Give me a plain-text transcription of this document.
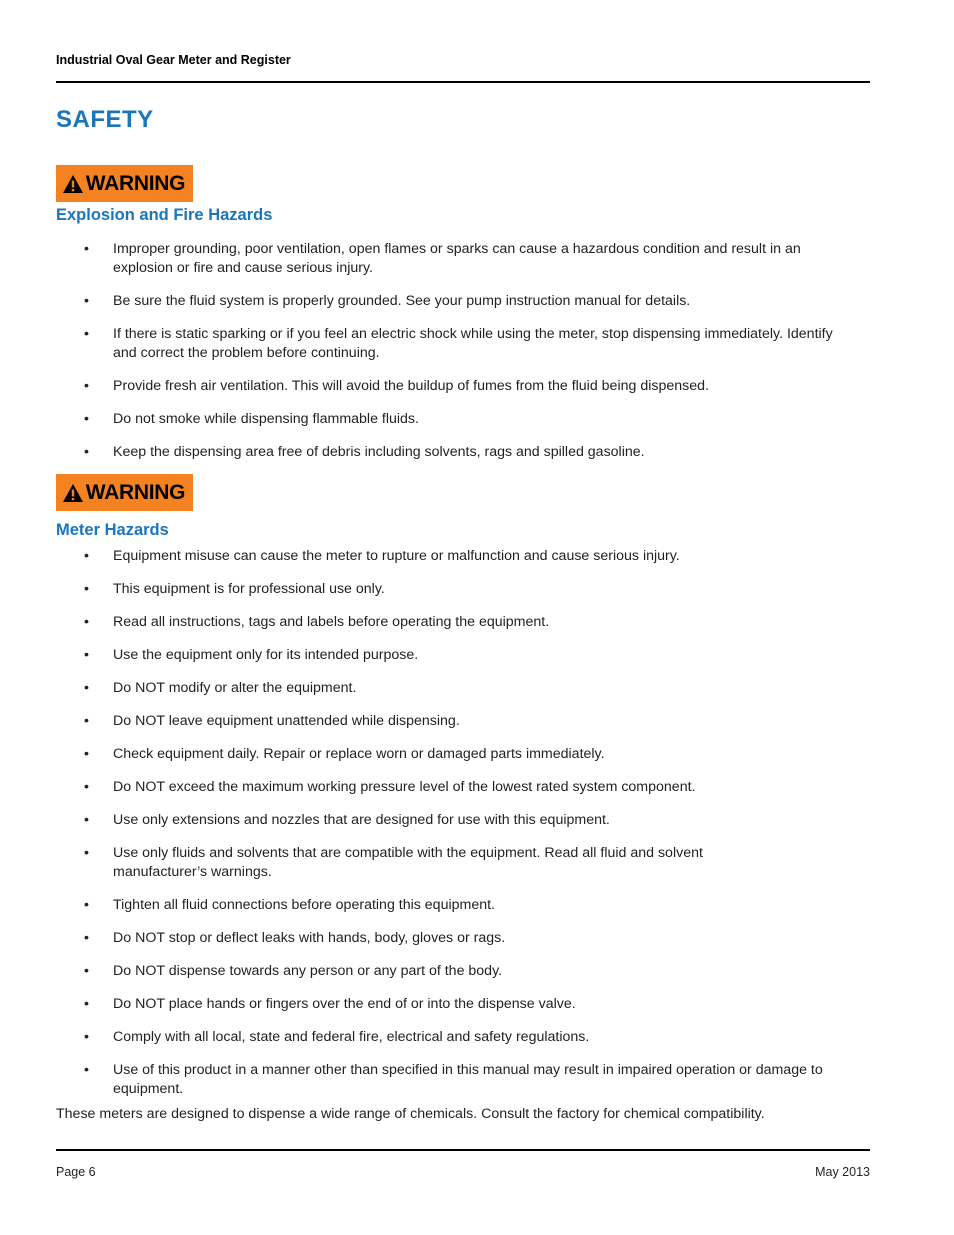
Industrial Oval Gear Meter and Register
SAFETY
WARNING
Explosion and Fire Hazards
• Improper grounding, poor ventilation, open flames or sparks can cause a hazardous condition and result in an explosion or fire and cause serious injury.
• Be sure the fluid system is properly grounded. See your pump instruction manual for details.
• If there is static sparking or if you feel an electric shock while using the meter, stop dispensing immediately. Identify and correct the problem before continuing.
• Provide fresh air ventilation. This will avoid the buildup of fumes from the fluid being dispensed.
• Do not smoke while dispensing flammable fluids.
• Keep the dispensing area free of debris including solvents, rags and spilled gasoline.
WARNING
Meter Hazards
• Equipment misuse can cause the meter to rupture or malfunction and cause serious injury.
• This equipment is for professional use only.
• Read all instructions, tags and labels before operating the equipment.
• Use the equipment only for its intended purpose.
• Do NOT modify or alter the equipment.
• Do NOT leave equipment unattended while dispensing.
• Check equipment daily. Repair or replace worn or damaged parts immediately.
• Do NOT exceed the maximum working pressure level of the lowest rated system component.
• Use only extensions and nozzles that are designed for use with this equipment.
• Use only fluids and solvents that are compatible with the equipment. Read all fluid and solvent manufacturer’s warnings.
• Tighten all fluid connections before operating this equipment.
• Do NOT stop or deflect leaks with hands, body, gloves or rags.
• Do NOT dispense towards any person or any part of the body.
• Do NOT place hands or fingers over the end of or into the dispense valve.
• Comply with all local, state and federal fire, electrical and safety regulations.
• Use of this product in a manner other than specified in this manual may result in impaired operation or damage to equipment.
These meters are designed to dispense a wide range of chemicals. Consult the factory for chemical compatibility.
Page 6	May 2013
